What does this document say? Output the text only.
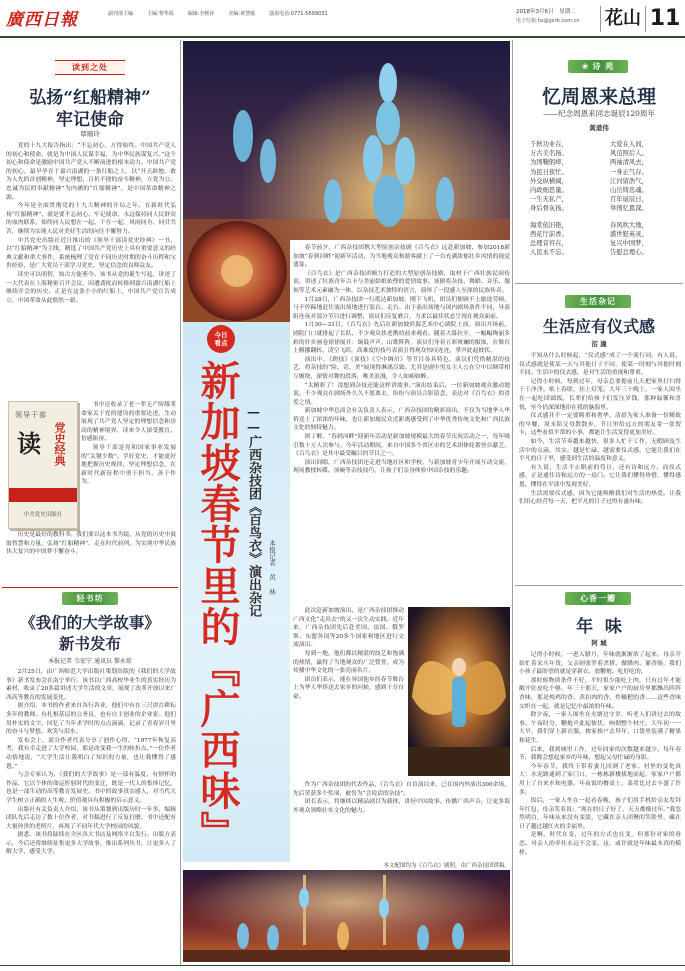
廣西日報	副刊部主编	主编:黎华霞	编辑:李熙萍	美编:黄慧敏	演说电话:0771-5699031	2018年3月6日 星期二
电子信箱:hs@gxrb.com.cn 花山 11
读到之处
弘扬“红船精神”
牢记使命
覃顺玲

党的十九大报告指出：“不忘初心，方得始终。中国共产党人的初心和使命，就是为中国人民谋幸福，为中华民族谋复兴。”这个初心和使命是激励中国共产党人不断前进的根本动力。中国共产党的初心，最早孕育于嘉兴南湖的一条红船之上。以“开天辟地、敢为人先的首创精神，坚定理想、百折不挠的奋斗精神，立党为公、忠诚为民的奉献精神”为内涵的“红船精神”，是中国革命精神之源。

今年是全面贯彻党的十九大精神的开局之年。在新时代弘扬“红船精神”，就是要不忘初心、牢记使命，永远保持同人民群众的血肉联系，始终同人民想在一起、干在一起，风雨同舟、同甘共苦，继续为实现人民对美好生活的向往不懈努力。

中共党史出版社近日推出的《领导干部读党史经典》一书，以“红船精神”为主线，精选了中国共产党历史上具有重要意义的经典文献和重大事件，系统梳理了党在不同历史时期的奋斗历程和宝贵经验，是广大党员干部学习党史、坚定信念的良师益友。

读史可以明智，知古方能鉴今。该书从党的诞生写起，讲述了一大代表在上海秘密召开会议，因遭袭扰而转移到嘉兴南湖红船上继续开会的历史。正是在这条小小的红船上，中国共产党宣告成立，中国革命从此焕然一新。

领导干部
读 党史经典
中共党史出版社

书中还收录了老一辈无产阶级革命家关于党的建设的重要论述，生动展现了共产党人坚定的理想信念和崇高的精神境界，读来令人深受教育、倍感振奋。

领导干部是党和国家事业发展的“关键少数”。学好党史，才能更好地把握历史规律，坚定理想信念，在新时代新征程中勇于担当、善于作为。

历史是最好的教科书。我们要以这本书为镜，从党的历史中汲取智慧和力量，弘扬“红船精神”，走在时代前列，为实现中华民族伟大复兴的中国梦不懈奋斗。

轻书坊
《我们的大学故事》
新书发布
本报记者 韦宏宁 通讯员 黎永琼

2月25日，由广西师范大学出版社策划出版的《我们的大学故事》新书发布会在南宁举行。该书以广西高校毕业生的真实经历为素材，收录了20多篇讲述大学生活的文章，展现了改革开放以来广西高等教育的发展变化。

据介绍，本书的作者来自各行各业，他们中有在三尺讲台耕耘多年的教师，有扎根基层的公务员，也有自主创业的企业家。他们用朴实的文字，回忆了当年求学时的点点滴滴，记录了青春岁月里的奋斗与梦想、欢笑与泪水。

发布会上，部分作者代表分享了创作心得。“1977年恢复高考，我有幸走进了大学校园，那是改变我一生的转折点。”一位作者动情地说，“大学生活让我明白了知识的力量，也让我懂得了感恩。”

与会专家认为，《我们的大学故事》是一部有温度、有情怀的作品，它以个体的命运折射时代的变迁，既是一代人的集体记忆，也是一部生动的高等教育发展史。书中的故事真实感人，对当代大学生树立正确的人生观、价值观具有积极的启示意义。

出版社有关负责人介绍，该书从策划到出版历时一年多，编辑团队先后走访了数十位作者，对书稿进行了反复打磨。书中还配有大量珍贵的老照片，再现了不同年代大学校园的风貌。

据悉，该书将陆续在全区各大书店及网络平台发行。出版方表示，今后还将继续征集更多大学故事，推出系列丛书，让更多人了解大学、感受大学。

春节前夕，广西杂技团携大型原创杂技剧《百鸟衣》远赴新加坡，参加2018新加坡“春到河畔”迎新年活动，为当地观众和游客献上了一台充满浓郁壮乡风情的视觉盛宴。

《百鸟衣》是广西杂技团倾力打造的大型原创杂技剧，取材于广西壮族民间传说，讲述了壮族青年古卡与美丽姑娘依俚的爱情故事。该剧将杂技、舞蹈、音乐、服饰等艺术元素融为一体，以杂技艺术独特的语言，演绎了一段感人至深的民族传奇。

1月28日，广西杂技团一行抵达新加坡。刚下飞机，团员们便顾不上旅途劳顿，马不停蹄地赶往演出场地进行装台、走台。由于演出场地与国内剧场条件不同，导演组连夜对部分节目进行调整，演员们反复磨合，力求以最佳状态呈现在观众面前。

1月30—31日，《百鸟衣》先后在新加坡滨海艺术中心剧院上演。演出开场前，剧院门口就排起了长队，不少观众扶老携幼前来观看。随着大幕拉开，一幅幅绚丽多彩的壮乡画卷徐徐展开：铜鼓声声，山歌阵阵，演员们身着五彩斑斓的服饰，在舞台上腾挪翻转、凌空飞跃，高难度的技巧表演引得观众惊叹连连，掌声此起彼伏。

演出中，《蹬技》《顶技》《空中绸吊》等节目各具特色，演员们凭借精湛的技艺，将杂技的“险、奇、美”展现得淋漓尽致。尤其是剧中男女主人公在空中以绸带相互缠绕、深情对舞的段落，唯美浪漫，令人如痴如醉。

“太精彩了！没想到杂技还能这样讲故事。”演出结束后，一位新加坡观众激动地说。不少观众在剧场外久久不愿离去，纷纷与演员合影留念，表达对《百鸟衣》的喜爱之情。

新加坡中华总商会有关负责人表示，广西杂技团的精彩演出，不仅为当地华人华侨送上了浓浓的年味，也让新加坡民众近距离感受到了中华优秀传统文化和广西民族文化的独特魅力。

据了解，“春到河畔”迎新年活动是新加坡规模最大的春节庆祝活动之一，每年吸引数十万人次参与。今年活动期间，来自中国多个省区市的艺术团体轮番登台献艺，《百鸟衣》是其中最受瞩目的节目之一。

演出间隙，广西杂技团还走进当地社区和学校，与新加坡青少年开展互动交流，现场教授转碟、顶碗等杂技技巧，让孩子们亲身体验中国杂技的乐趣。

今日
看点
新加坡春节里的『广西味』 ——广西杂技团《百鸟衣》演出杂记 本报记者 黄 林

此次赴新加坡演出，是广西杂技团推动广西文化“走出去”的又一次生动实践。近年来，广西杂技团先后赴美国、法国、俄罗斯、东盟各国等20多个国家和地区进行交流演出。

每到一地，他们都以精湛的技艺和饱满的热情，赢得了当地观众的广泛赞誉，成为传播中华文化的一张亮丽名片。

团员们表示，能在异国他乡的春节舞台上为华人华侨送去家乡的问候，感到十分自豪。

作为广西杂技团的代表作品，《百鸟衣》自首演以来，已在国内外演出300余场，先后荣获多个奖项，被誉为“会说话的杂技”。

团长表示，将继续以精品剧目为载体，讲好中国故事、传播广西声音，让更多海外观众领略壮乡文化的魅力。

本文配图均为《百鸟衣》剧照，由广西杂技团供稿。
❀ 诗 苑
忆周恩来总理
——纪念周恩来同志诞辰120周年
黄道伟

千秋功业在，

万古美名扬。

为国鞠躬瘁，

为民日夜忙。

外交纵横阔，

内政细思量。

一生无私产，

身后骨灰扬。

海棠依旧艳，

西花厅前香。

总理音容在，

人民永不忘。

大爱在人间，

风范照后人。

两袖清风去，

一身正气存。

江河留浩气，

山岳铸忠魂。

百年诞辰日，

举国忆恩深。

春风吹大地，

盛世慰英灵。

复兴中国梦，

告慰总理心。

生活杂记
生活应有仪式感
沼 潼

不知从什么时候起，“仪式感”成了一个流行词。有人说，仪式感就是使某一天与其他日子不同，使某一时刻与其他时刻不同。生活中的仪式感，是对生活的重视和尊重。

记得小时候，每到过年，母亲总要提前几天把家里打扫得干干净净，贴上春联，挂上灯笼。大年三十晚上，一家人围坐在一起吃团圆饭，长辈们给孩子们发压岁钱，那种温馨和喜悦，至今仍深深地印在我的脑海里。

仪式感并不一定要隆重和奢华。清晨为家人准备一份精致的早餐，周末陪父母散散步，节日里给远方的朋友寄一张贺卡，这些看似平常的小事，都能让生活变得更加美好。

如今，生活节奏越来越快，很多人忙于工作，无暇顾及生活中的点滴。其实，越是忙碌，越需要仪式感。它能让我们在平凡的日子里，感受到生活的温度和意义。

有人说，生活不止眼前的苟且，还有诗和远方。而仪式感，正是通往诗和远方的一扇门。它让我们懂得珍惜，懂得感恩，懂得在平淡中发现美好。

生活需要仪式感，因为它能唤醒我们对生活的热爱。让我们用心经营每一天，把平凡的日子过得有滋有味。

心香一瓣
年  味
阿 城

记得小时候，一进入腊月，年味就渐渐浓了起来。母亲开始忙着采买年货，父亲则张罗着杀猪、做腊肉、灌香肠，我们小孩子最盼望的就是穿新衣、放鞭炮、吃好吃的。

那时候物质条件不好，平时很少能吃上肉，只有过年才能敞开肚皮吃个够。年三十那天，家家户户的厨房里都飘出阵阵香味，那是炖鸡的香、蒸扣肉的香、炸糍粑的香……这些香味交织在一起，就是记忆中最浓的年味。

除夕夜，一家人围坐在火塘边守岁，听老人们讲过去的故事。午夜时分，鞭炮声此起彼伏，响彻整个村庄。大年初一一大早，我们穿上新衣服，挨家挨户去拜年，口袋里装满了糖果和花生。

后来，我到城里工作，过年回家的次数越来越少。每年春节，我都会想起家乡的年味，想起父母忙碌的身影。

今年春节，我终于带着妻儿回到了老家。村里的变化真大：水泥路通到了家门口，一栋栋新楼拔地而起，家家户户都用上了自来水和电器。年夜饭的餐桌上，菜肴比过去丰盛了许多。

饭后，一家人坐在一起看春晚，孩子们用手机给亲友发拜年红包。母亲笑着说：“现在的日子好了，天天都像过年。”我忽然明白，年味从来没有变淡，它藏在亲人团聚的笑脸里，藏在日子越过越红火的幸福里。

是啊，时代在变，过年的方式也在变，但那份对家的眷恋、对亲人的牵挂永远不会变。这，或许就是年味最本真的模样。
